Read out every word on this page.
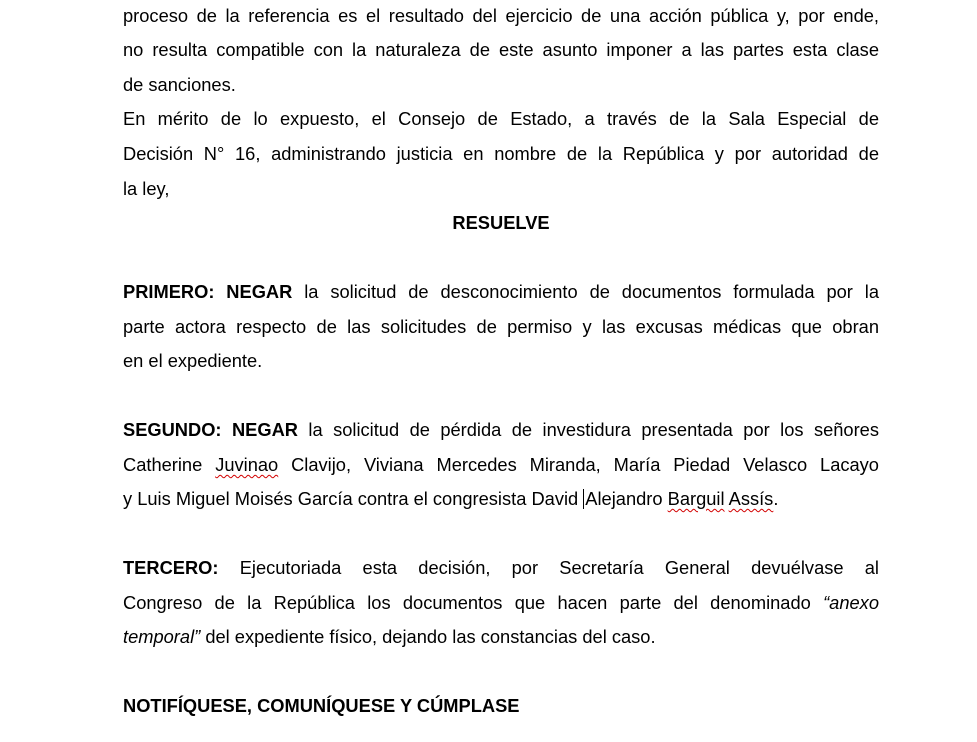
proceso de la referencia es el resultado del ejercicio de una acción pública y, por ende,
no resulta compatible con la naturaleza de este asunto imponer a las partes esta clase
de sanciones.
En mérito de lo expuesto, el Consejo de Estado, a través de la Sala Especial de
Decisión N° 16, administrando justicia en nombre de la República y por autoridad de
la ley,
RESUELVE
PRIMERO: NEGAR la solicitud de desconocimiento de documentos formulada por la
parte actora respecto de las solicitudes de permiso y las excusas médicas que obran
en el expediente.
SEGUNDO: NEGAR la solicitud de pérdida de investidura presentada por los señores
Catherine Juvinao Clavijo, Viviana Mercedes Miranda, María Piedad Velasco Lacayo
y Luis Miguel Moisés García contra el congresista David Alejandro Barguil Assís.
TERCERO: Ejecutoriada esta decisión, por Secretaría General devuélvase al
Congreso de la República los documentos que hacen parte del denominado “anexo
temporal” del expediente físico, dejando las constancias del caso.
NOTIFÍQUESE, COMUNÍQUESE Y CÚMPLASE
